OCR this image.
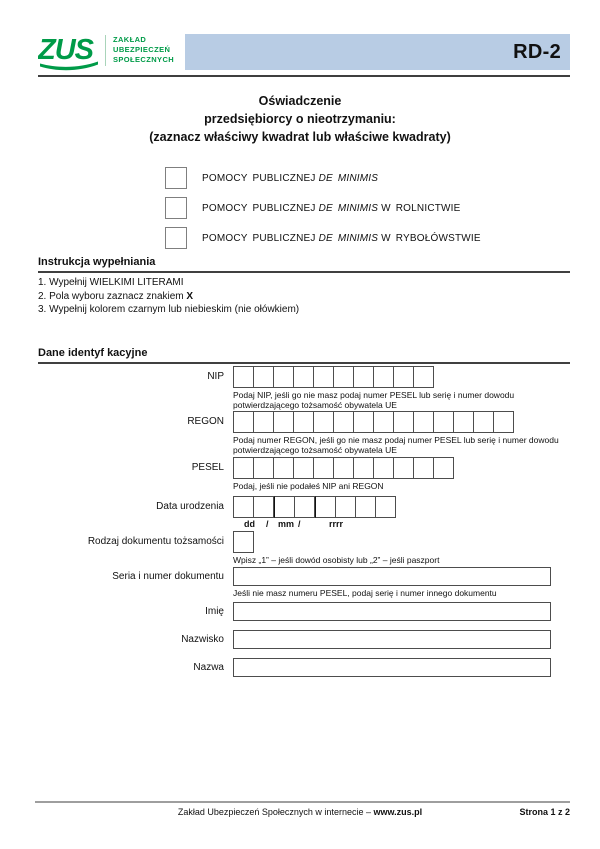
ZUS	ZAKŁAD
UBEZPIECZEŃ
SPOŁECZNYCH	RD-2
Oświadczenie
przedsiębiorcy o nieotrzymaniu:
(zaznacz właściwy kwadrat lub właściwe kwadraty)
POMOCY PUBLICZNEJ DE MINIMIS
POMOCY PUBLICZNEJ DE MINIMIS W ROLNICTWIE
POMOCY PUBLICZNEJ DE MINIMIS W RYBOŁÓWSTWIE
Instrukcja wypełniania
1. Wypełnij WIELKIMI LITERAMI
2. Pola wyboru zaznacz znakiem X
3. Wypełnij kolorem czarnym lub niebieskim (nie ołówkiem)
Dane identyf kacyjne
NIP
Podaj NIP, jeśli go nie masz podaj numer PESEL lub serię i numer dowodu
potwierdzającego tożsamość obywatela UE
REGON
Podaj numer REGON, jeśli go nie masz podaj numer PESEL lub serię i numer dowodu
potwierdzającego tożsamość obywatela UE
PESEL
Podaj, jeśli nie podałeś NIP ani REGON
Data urodzenia
dd / mm /	rrrr
Rodzaj dokumentu tożsamości
Wpisz „1” – jeśli dowód osobisty lub „2” – jeśli paszport
Seria i numer dokumentu
Jeśli nie masz numeru PESEL, podaj serię i numer innego dokumentu
Imię
Nazwisko
Nazwa
Zakład Ubezpieczeń Społecznych w internecie – www.zus.pl	Strona 1 z 2
